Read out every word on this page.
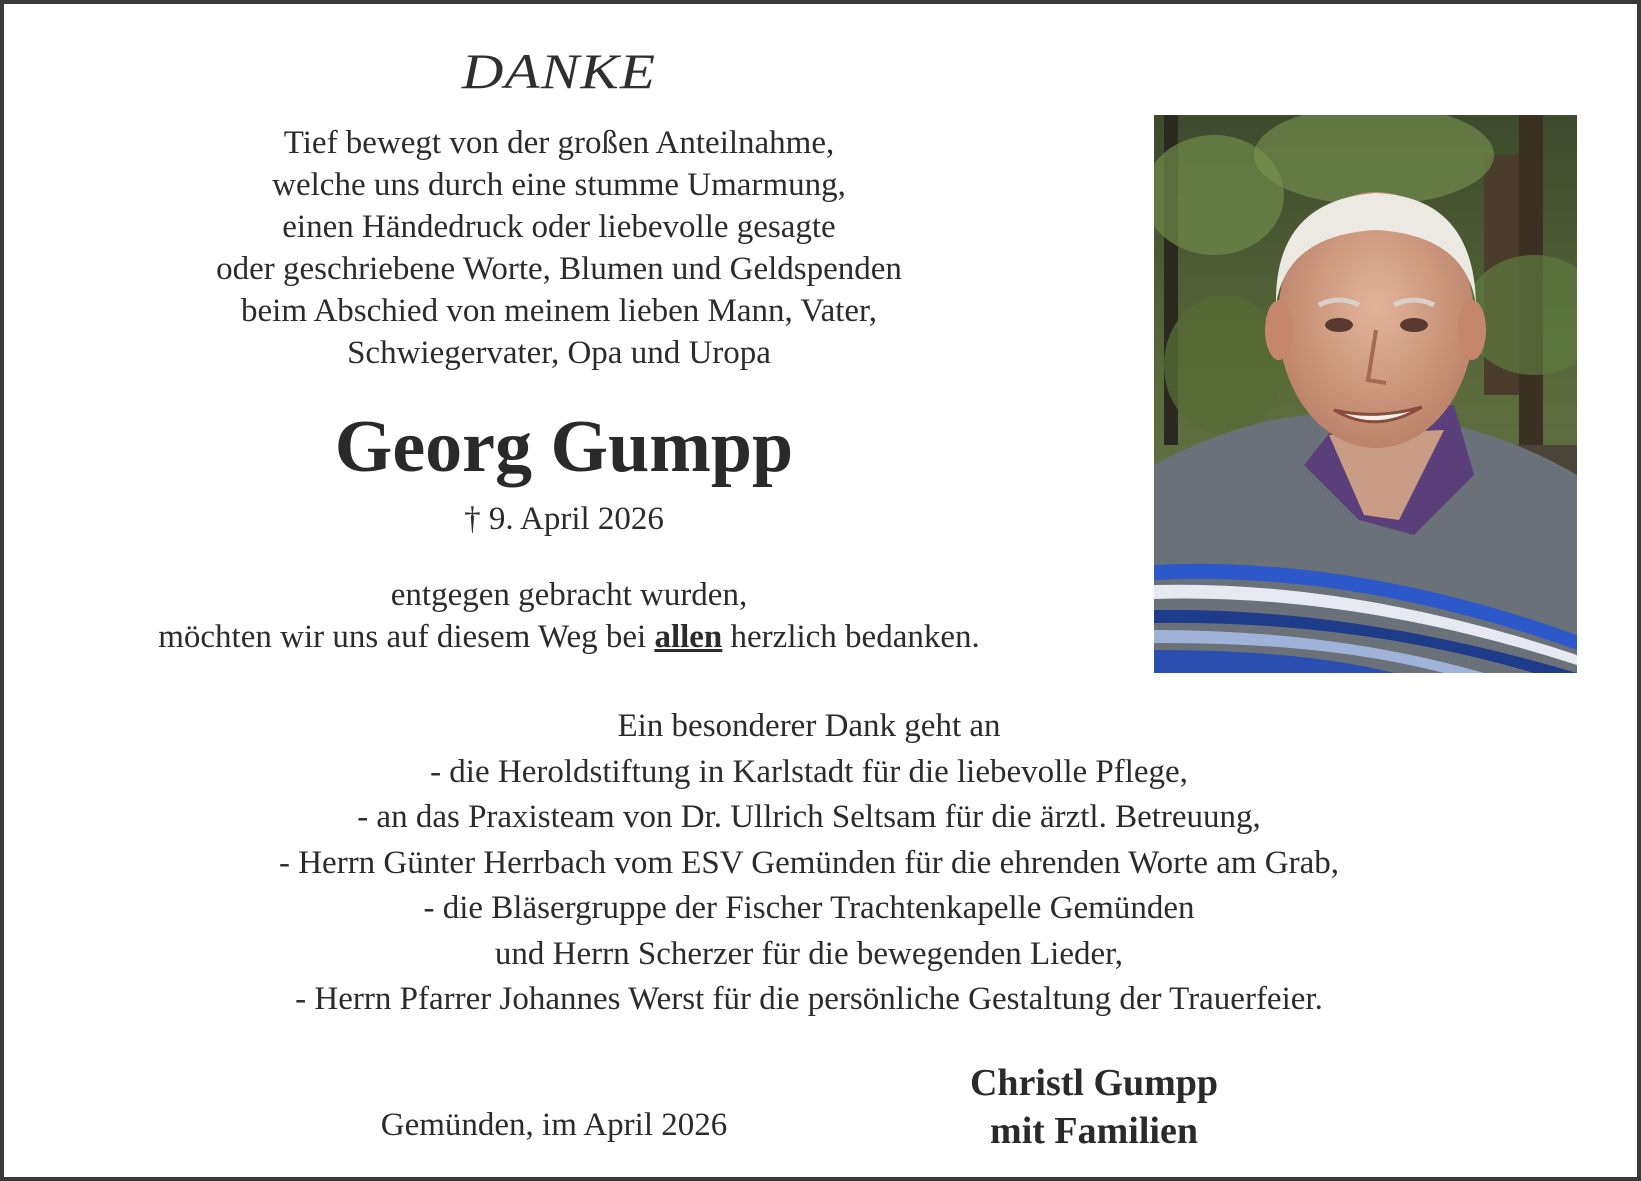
DANKE
Tief bewegt von der großen Anteilnahme,
welche uns durch eine stumme Umarmung,
einen Händedruck oder liebevolle gesagte
oder geschriebene Worte, Blumen und Geldspenden
beim Abschied von meinem lieben Mann, Vater,
Schwiegervater, Opa und Uropa
Georg Gumpp
† 9. April 2026
entgegen gebracht wurden,
möchten wir uns auf diesem Weg bei allen herzlich bedanken.
Ein besonderer Dank geht an
- die Heroldstiftung in Karlstadt für die liebevolle Pflege,
- an das Praxisteam von Dr. Ullrich Seltsam für die ärztl. Betreuung,
- Herrn Günter Herrbach vom ESV Gemünden für die ehrenden Worte am Grab,
- die Bläsergruppe der Fischer Trachtenkapelle Gemünden
und Herrn Scherzer für die bewegenden Lieder,
- Herrn Pfarrer Johannes Werst für die persönliche Gestaltung der Trauerfeier.
Gemünden, im April 2026
Christl Gumpp
mit Familien
